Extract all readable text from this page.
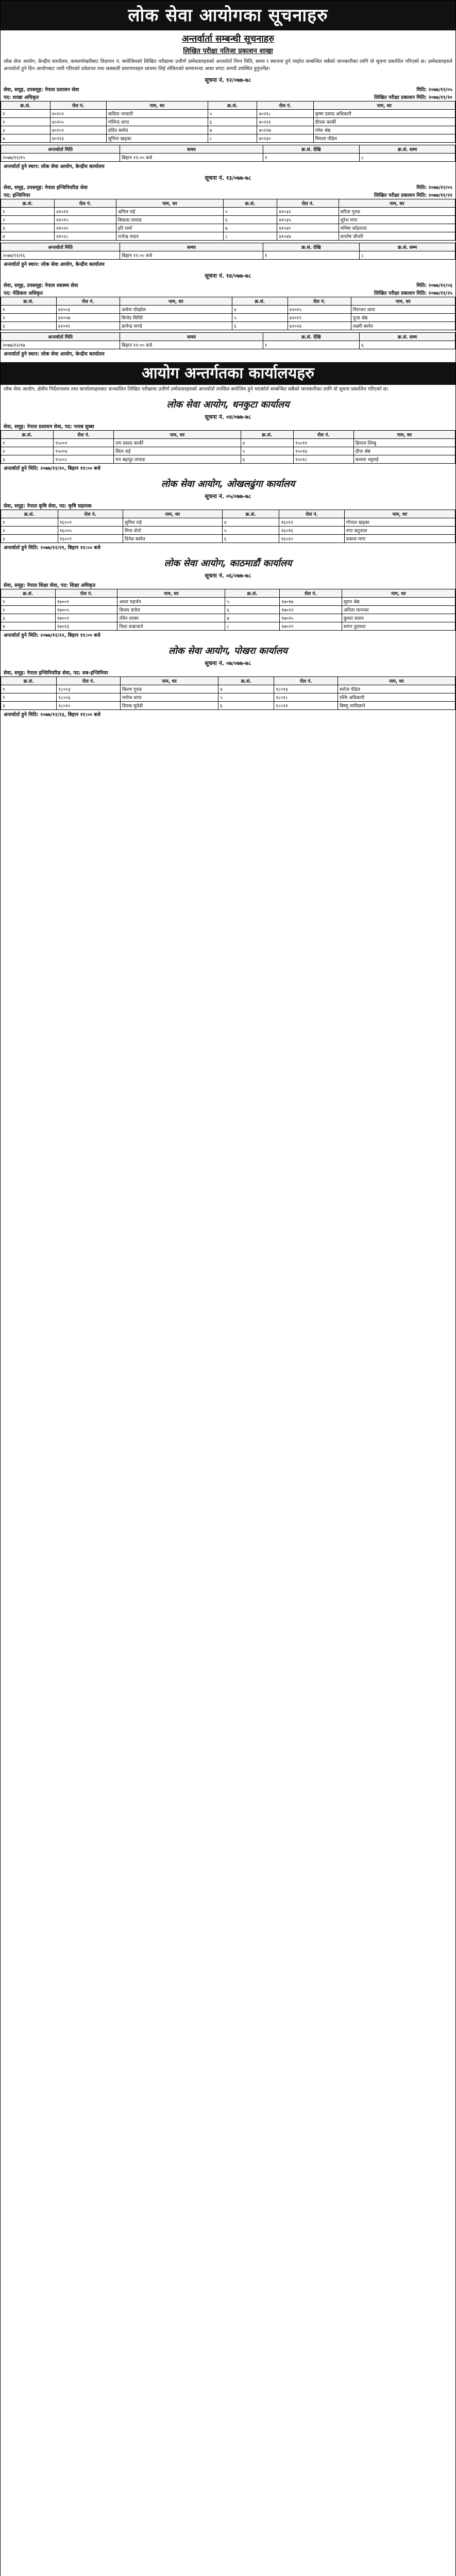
लोक सेवा आयोगका सूचनाहरु
अन्तर्वार्ता सम्बन्धी सूचनाहरु
लिखित परीक्षा नतिजा प्रकाशन शाखा
लोक सेवा आयोग, केन्द्रीय कार्यालय, कमलपोखरीबाट विज्ञापन नं. बमोजिमको लिखित परीक्षामा उत्तीर्ण उम्मेदवारहरुको अन्तर्वार्ता निम्न मिति, समय र स्थानमा हुने व्यहोरा सम्बन्धित सबैको जानकारीका लागि यो सूचना प्रकाशित गरिएको छ। उम्मेदवारहरुले अन्तर्वार्ता हुने दिन आयोगबाट जारी गरिएको प्रवेशपत्र तथा सक्कली प्रमाणपत्रहरु साथमा लिई तोकिएको समयभन्दा आधा घण्टा अगावै उपस्थित हुनुपर्नेछ।
सूचना नं. १२/०७७-७८
सेवा, समूह, उपसमूह: नेपाल प्रशासन सेवा	मिति: २०७७/१२/०५
पद: शाखा अधिकृत	लिखित परीक्षा प्रकाशन मिति: २०७७/११/२०
क्र.सं.	रोल नं.	नाम, थर	क्र.सं.	रोल नं.	नाम, थर
१	४०२०२	कविता भण्डारी	५	४०२१८	कृष्ण प्रसाद अधिकारी
२	४०२०५	गोविन्द थापा	६	४०२२१	दीपक कार्की
३	४०२०९	प्रदिप बस्नेत	७	४०२२७	रमेश श्रेष्ठ
४	४०२१३	सुनिता खड्का	८	४०२३०	विमला पौडेल
अन्तर्वार्ता मिति	समय	क्र.सं. देखि	क्र.सं. सम्म
२०७७/१२/१५	बिहान ११:०० बजे	१	८
अन्तर्वार्ता हुने स्थान: लोक सेवा आयोग, केन्द्रीय कार्यालय
सूचना नं. १३/०७७-७८
सेवा, समूह, उपसमूह: नेपाल इन्जिनियरिङ सेवा	मिति: २०७७/१२/०५
पद: इन्जिनियर	लिखित परीक्षा प्रकाशन मिति: २०७७/११/२२
क्र.सं.	रोल नं.	नाम, थर	क्र.सं.	रोल नं.	नाम, थर
१	४१०११	अनिल राई	५	४१०३२	सरिता गुरुङ
२	४१०१५	बिकास तामाङ	६	४१०३५	सुरेश मगर
३	४१०२०	हरि शर्मा	७	४१०४०	मनिषा कोइराला
४	४१०२८	राजेन्द्र यादव	८	४१०४४	सन्तोष चौधरी
अन्तर्वार्ता मिति	समय	क्र.सं. देखि	क्र.सं. सम्म
२०७७/१२/१६	बिहान ११:०० बजे	१	८
अन्तर्वार्ता हुने स्थान: लोक सेवा आयोग, केन्द्रीय कार्यालय
सूचना नं. १४/०७७-७८
सेवा, समूह, उपसमूह: नेपाल स्वास्थ्य सेवा	मिति: २०७७/१२/०६
पद: मेडिकल अधिकृत	लिखित परीक्षा प्रकाशन मिति: २०७७/११/२५
क्र.सं.	रोल नं.	नाम, थर	क्र.सं.	रोल नं.	नाम, थर
१	४२००३	अर्चना पोखरेल	४	४२०१५	निराजन थापा
२	४२००७	बिनोद घिमिरे	५	४२०१९	पूजा श्रेष्ठ
३	४२०११	ज्ञानेन्द्र पाण्डे	६	४२०२४	लक्ष्मी बस्नेत
अन्तर्वार्ता मिति	समय	क्र.सं. देखि	क्र.सं. सम्म
२०७७/१२/१७	बिहान ११:०० बजे	१	६
अन्तर्वार्ता हुने स्थान: लोक सेवा आयोग, केन्द्रीय कार्यालय
आयोग अन्तर्गतका कार्यालयहरु
लोक सेवा आयोग, क्षेत्रीय निर्देशनालय तथा कार्यालयहरुबाट सञ्चालित लिखित परीक्षामा उत्तीर्ण उम्मेदवारहरुको अन्तर्वार्ता तपसिल बमोजिम हुने भएकोले सम्बन्धित सबैको जानकारीका लागि यो सूचना प्रकाशित गरिएको छ।
लोक सेवा आयोग, धनकुटा कार्यालय
सूचना नं. ०४/०७७-७८
सेवा, समूह: नेपाल प्रशासन सेवा, पद: नायब सुब्बा
क्र.सं.	रोल नं.	नाम, थर	क्र.सं.	रोल नं.	नाम, थर
१	१५००१	राम प्रसाद कार्की	४	१५०११	हिमाल लिम्बु
२	१५००४	सिता राई	५	१५०१४	दीपा श्रेष्ठ
३	१५००८	मन बहादुर तामाङ	६	१५०१८	कमला भट्टराई
अन्तर्वार्ता हुने मिति: २०७७/१२/२०, बिहान ११:०० बजे
लोक सेवा आयोग, ओखलढुंगा कार्यालय
सूचना नं. ०५/०७७-७८
सेवा, समूह: नेपाल कृषि सेवा, पद: कृषि सहायक
क्र.सं.	रोल नं.	नाम, थर	क्र.सं.	रोल नं.	नाम, थर
१	१६००२	सुनिल राई	४	१६०१२	गोपाल खड्का
२	१६००५	मिना शेर्पा	५	१६०१६	रुपा कटुवाल
३	१६००९	दिनेश बस्नेत	६	१६०२०	प्रकाश मगर
अन्तर्वार्ता हुने मिति: २०७७/१२/२१, बिहान ११:०० बजे
लोक सेवा आयोग, काठमाडौं कार्यालय
सूचना नं. ०६/०७७-७८
सेवा, समूह: नेपाल शिक्षा सेवा, पद: शिक्षा अधिकृत
क्र.सं.	रोल नं.	नाम, थर	क्र.सं.	रोल नं.	नाम, थर
१	१७००१	आशा महर्जन	५	१७०१७	सुमन श्रेष्ठ
२	१७००५	बिजय डंगोल	६	१७०२१	अनिता मानन्धर
३	१७००९	रविन शाक्य	७	१७०२५	कुमार प्रधान
४	१७०१३	निशा बज्राचार्य	८	१७०२९	सागर तुलाधर
अन्तर्वार्ता हुने मिति: २०७७/१२/२२, बिहान ११:०० बजे
लोक सेवा आयोग, पोखरा कार्यालय
सूचना नं. ०७/०७७-७८
सेवा, समूह: नेपाल इन्जिनियरिङ सेवा, पद: सब-इन्जिनियर
क्र.सं.	रोल नं.	नाम, थर	क्र.सं.	रोल नं.	नाम, थर
१	१८००३	किरण गुरुङ	४	१८०१४	सरोज पौडेल
२	१८००६	मनोज थापा	५	१८०१८	रश्मि अधिकारी
३	१८०१०	दिपक सुवेदी	६	१८०२२	बिष्णु लामिछाने
अन्तर्वार्ता हुने मिति: २०७७/१२/२३, बिहान ११:०० बजे
